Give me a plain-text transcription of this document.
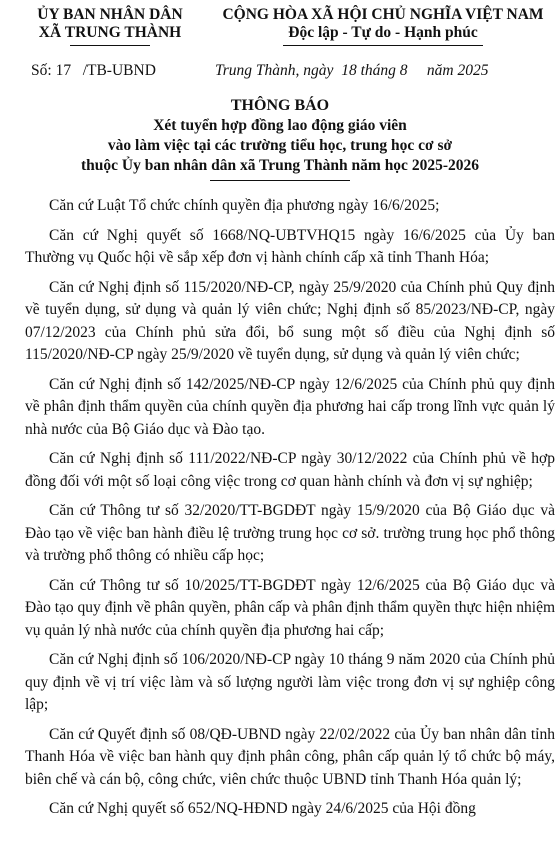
ỦY BAN NHÂN DÂN
XÃ TRUNG THÀNH
CỘNG HÒA XÃ HỘI CHỦ NGHĨA VIỆT NAM
Độc lập - Tự do - Hạnh phúc
Số: 17 /TB-UBND	Trung Thành, ngày 18 tháng 8 năm 2025
THÔNG BÁO
Xét tuyển hợp đồng lao động giáo viên
vào làm việc tại các trường tiểu học, trung học cơ sở
thuộc Ủy ban nhân dân xã Trung Thành năm học 2025-2026

Căn cứ Luật Tổ chức chính quyền địa phương ngày 16/6/2025;

Căn cứ Nghị quyết số 1668/NQ-UBTVHQ15 ngày 16/6/2025 của Ủy ban Thường vụ Quốc hội về sắp xếp đơn vị hành chính cấp xã tỉnh Thanh Hóa;

Căn cứ Nghị định số 115/2020/NĐ-CP, ngày 25/9/2020 của Chính phủ Quy định về tuyển dụng, sử dụng và quản lý viên chức; Nghị định số 85/2023/NĐ-CP, ngày 07/12/2023 của Chính phủ sửa đổi, bổ sung một số điều của Nghị định số 115/2020/NĐ-CP ngày 25/9/2020 về tuyển dụng, sử dụng và quản lý viên chức;

Căn cứ Nghị định số 142/2025/NĐ-CP ngày 12/6/2025 của Chính phủ quy định về phân định thẩm quyền của chính quyền địa phương hai cấp trong lĩnh vực quản lý nhà nước của Bộ Giáo dục và Đào tạo.

Căn cứ Nghị định số 111/2022/NĐ-CP ngày 30/12/2022 của Chính phủ về hợp đồng đối với một số loại công việc trong cơ quan hành chính và đơn vị sự nghiệp;

Căn cứ Thông tư số 32/2020/TT-BGDĐT ngày 15/9/2020 của Bộ Giáo dục và Đào tạo về việc ban hành điều lệ trường trung học cơ sở. trường trung học phổ thông và trường phổ thông có nhiều cấp học;

Căn cứ Thông tư số 10/2025/TT-BGDĐT ngày 12/6/2025 của Bộ Giáo dục và Đào tạo quy định về phân quyền, phân cấp và phân định thẩm quyền thực hiện nhiệm vụ quản lý nhà nước của chính quyền địa phương hai cấp;

Căn cứ Nghị định số 106/2020/NĐ-CP ngày 10 tháng 9 năm 2020 của Chính phủ quy định về vị trí việc làm và số lượng người làm việc trong đơn vị sự nghiệp công lập;

Căn cứ Quyết định số 08/QĐ-UBND ngày 22/02/2022 của Ủy ban nhân dân tỉnh Thanh Hóa về việc ban hành quy định phân công, phân cấp quản lý tổ chức bộ máy, biên chế và cán bộ, công chức, viên chức thuộc UBND tỉnh Thanh Hóa quản lý;

Căn cứ Nghị quyết số 652/NQ-HĐND ngày 24/6/2025 của Hội đồng
